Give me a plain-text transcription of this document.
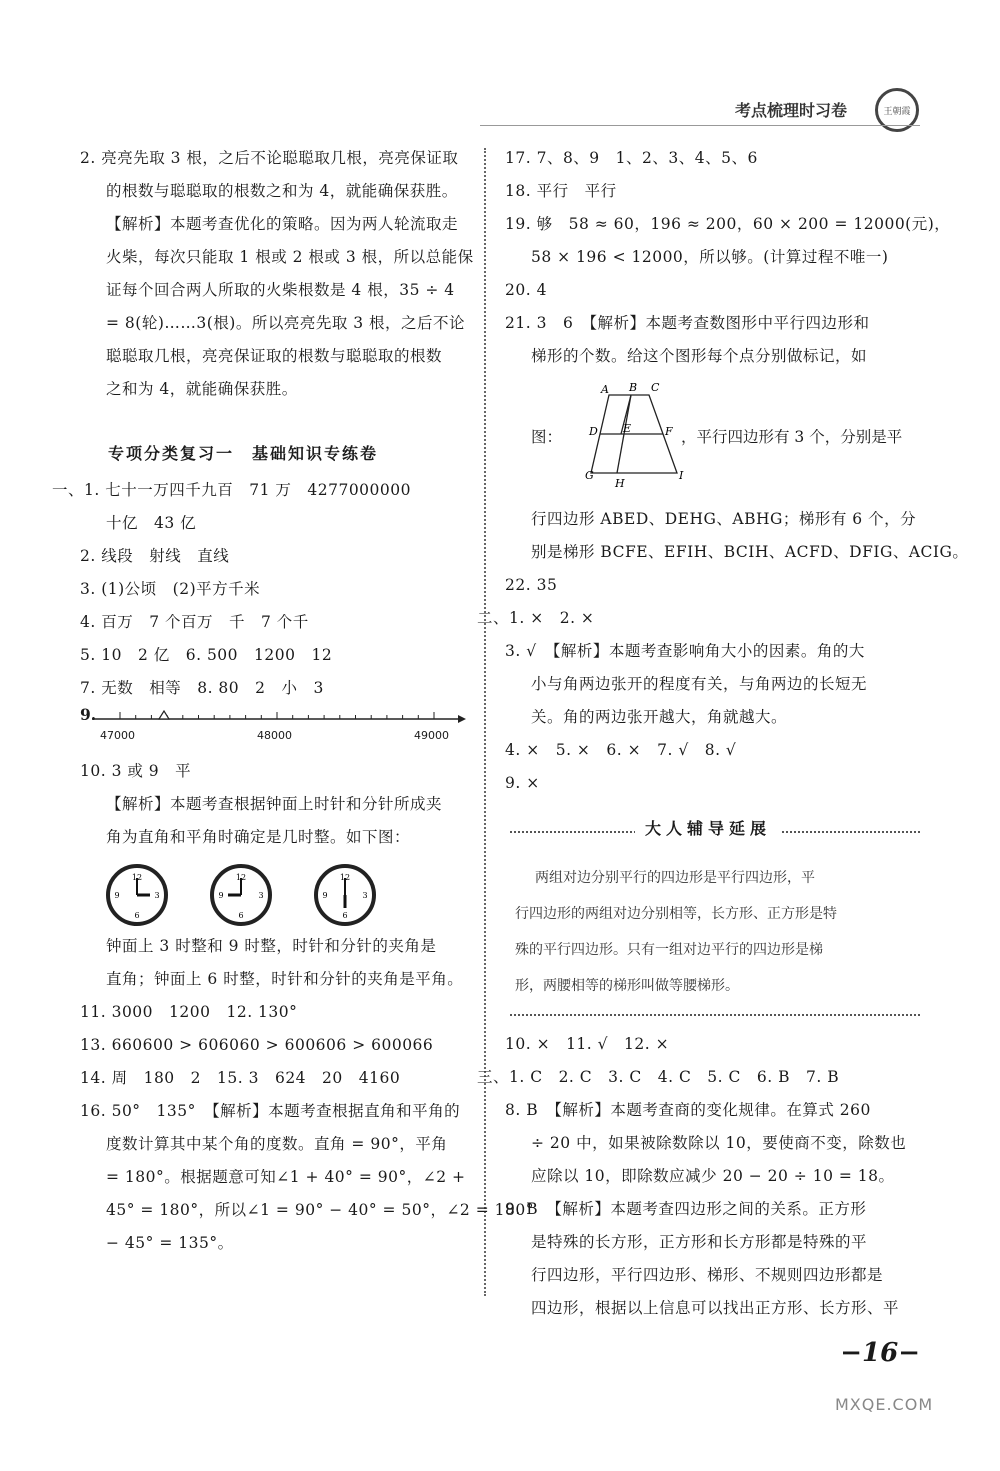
考点梳理时习卷	王朝霞

2. 亮亮先取 3 根，之后不论聪聪取几根，亮亮保证取

的根数与聪聪取的根数之和为 4，就能确保获胜。

【解析】本题考查优化的策略。因为两人轮流取走

火柴，每次只能取 1 根或 2 根或 3 根，所以总能保

证每个回合两人所取的火柴根数是 4 根，35 ÷ 4

= 8(轮)……3(根)。所以亮亮先取 3 根，之后不论

聪聪取几根，亮亮保证取的根数与聪聪取的根数

之和为 4，就能确保获胜。

专项分类复习一　基础知识专练卷

一、1. 七十一万四千九百　71 万　4277000000

十亿　43 亿

2. 线段　射线　直线

3. (1)公顷　(2)平方千米

4. 百万　7 个百万　千　7 个千

5. 10　2 亿　6. 500　1200　12

7. 无数　相等　8. 80　2　小　3

9.
47000	48000	49000

10. 3 或 9　平

【解析】本题考查根据钟面上时针和分针所成夹

角为直角和平角时确定是几时整。如下图：

12
3
6
9
12
3
6
9
12
3
6
9

钟面上 3 时整和 9 时整，时针和分针的夹角是

直角；钟面上 6 时整，时针和分针的夹角是平角。

11. 3000　1200　12. 130°

13. 660600 > 606060 > 600606 > 600066

14. 周　180　2　15. 3　624　20　4160

16. 50°　135°　【解析】本题考查根据直角和平角的

度数计算其中某个角的度数。直角 = 90°，平角

= 180°。根据题意可知∠1 + 40° = 90°，∠2 +

45° = 180°，所以∠1 = 90° − 40° = 50°，∠2 = 180°

− 45° = 135°。

17. 7、8、9　1、2、3、4、5、6

18. 平行　平行

19. 够　58 ≈ 60，196 ≈ 200，60 × 200 = 12000(元)，

58 × 196 < 12000，所以够。(计算过程不唯一)

20. 4

21. 3　6　【解析】本题考查数图形中平行四边形和

梯形的个数。给这个图形每个点分别做标记，如

图：
A B C
D E	F
G
H
I
，平行四边形有 3 个，分别是平

行四边形 ABED、DEHG、ABHG；梯形有 6 个，分

别是梯形 BCFE、EFIH、BCIH、ACFD、DFIG、ACIG。

22. 35

二、1. ×　2. ×

3. √　【解析】本题考查影响角大小的因素。角的大

小与角两边张开的程度有关，与角两边的长短无

关。角的两边张开越大，角就越大。

4. ×　5. ×　6. ×　7. √　8. √

9. ×

大人辅导延展
两组对边分别平行的四边形是平行四边形，平
行四边形的两组对边分别相等，长方形、正方形是特
殊的平行四边形。只有一组对边平行的四边形是梯
形，两腰相等的梯形叫做等腰梯形。

10. ×　11. √　12. ×

三、1. C　2. C　3. C　4. C　5. C　6. B　7. B

8. B　【解析】本题考查商的变化规律。在算式 260

÷ 20 中，如果被除数除以 10，要使商不变，除数也

应除以 10，即除数应减少 20 − 20 ÷ 10 = 18。

9. B　【解析】本题考查四边形之间的关系。正方形

是特殊的长方形，正方形和长方形都是特殊的平

行四边形，平行四边形、梯形、不规则四边形都是

四边形，根据以上信息可以找出正方形、长方形、平

−16−
MXQE.COM
